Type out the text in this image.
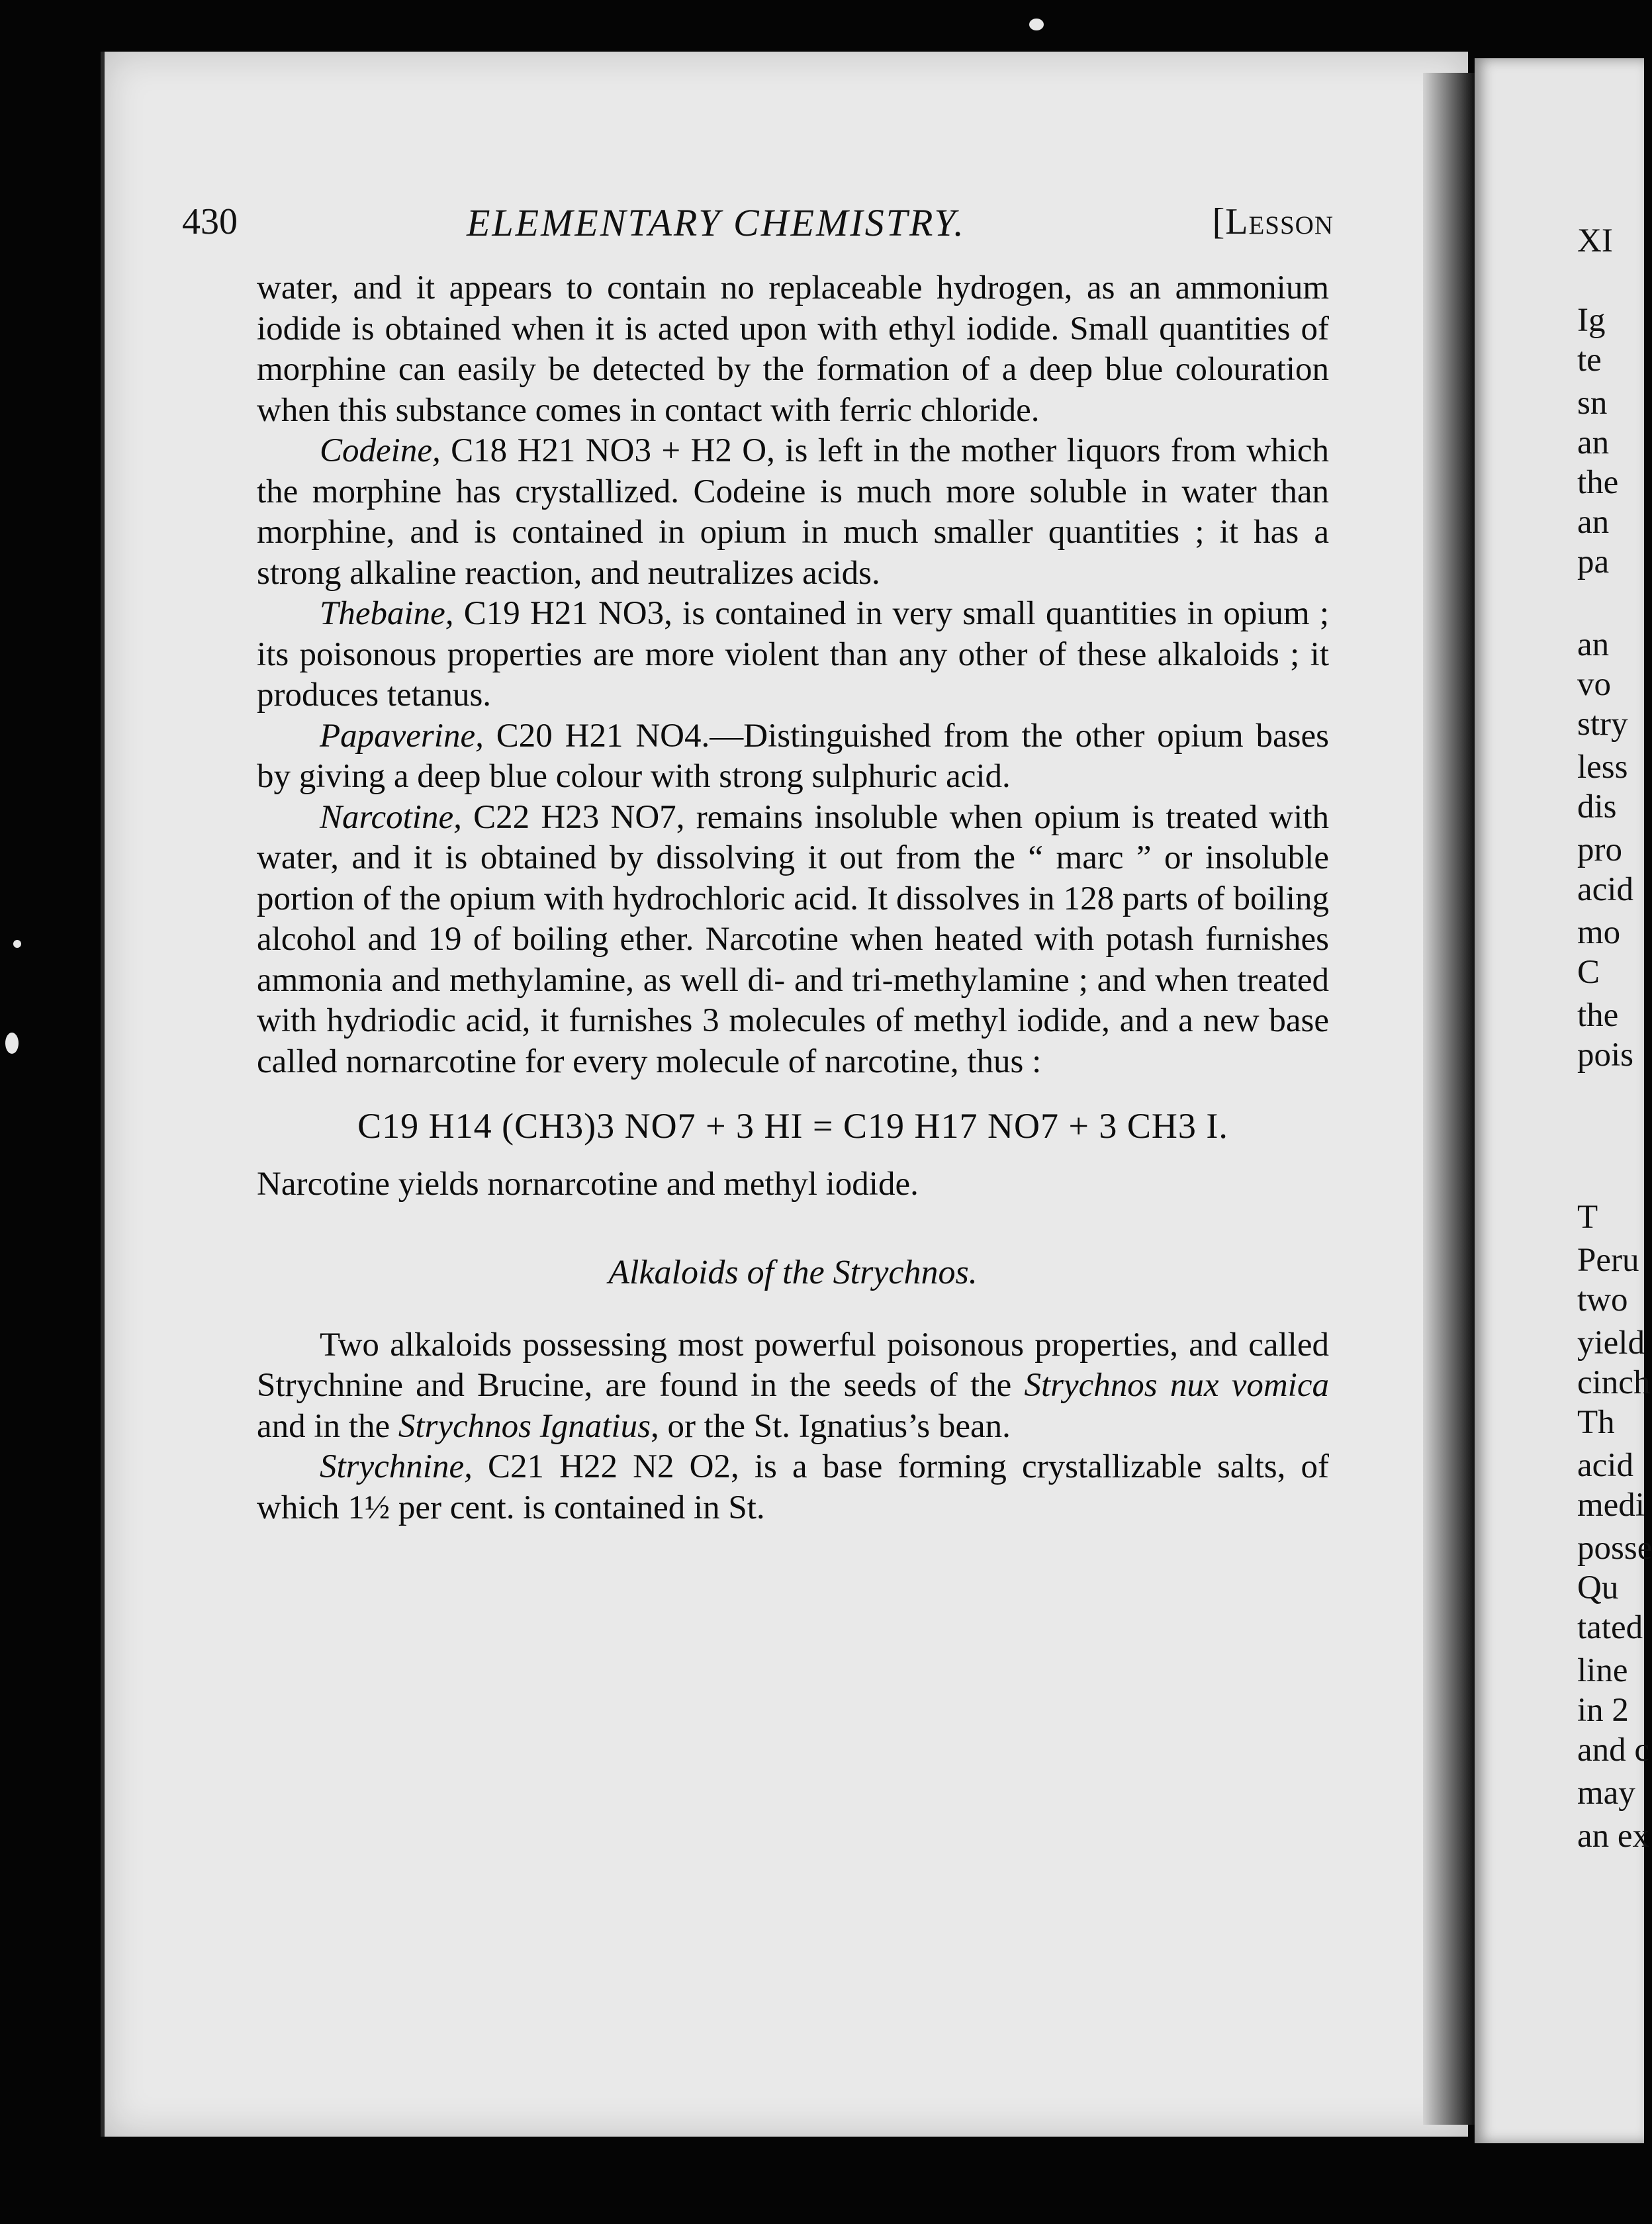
430	ELEMENTARY CHEMISTRY.	[Lesson

water, and it appears to contain no replaceable hydrogen, as an ammonium iodide is obtained when it is acted upon with ethyl iodide. Small quantities of morphine can easily be detected by the formation of a deep blue colouration when this substance comes in contact with ferric chloride.

Codeine, C18 H21 NO3 + H2 O, is left in the mother liquors from which the morphine has crystallized. Codeine is much more soluble in water than morphine, and is contained in opium in much smaller quantities ; it has a strong alkaline reaction, and neutralizes acids.

Thebaine, C19 H21 NO3, is contained in very small quantities in opium ; its poisonous properties are more violent than any other of these alkaloids ; it produces tetanus.

Papaverine, C20 H21 NO4.—Distinguished from the other opium bases by giving a deep blue colour with strong sulphuric acid.

Narcotine, C22 H23 NO7, remains insoluble when opium is treated with water, and it is obtained by dissolving it out from the “ marc ” or insoluble portion of the opium with hydrochloric acid. It dissolves in 128 parts of boiling alcohol and 19 of boiling ether. Narcotine when heated with potash furnishes ammonia and methylamine, as well di- and tri-methylamine ; and when treated with hydriodic acid, it furnishes 3 molecules of methyl iodide, and a new base called nornarcotine for every molecule of narcotine, thus :

C19 H14 (CH3)3 NO7 + 3 HI = C19 H17 NO7 + 3 CH3 I.

Narcotine yields nornarcotine and methyl iodide.

Alkaloids of the Strychnos.

Two alkaloids possessing most powerful poisonous properties, and called Strychnine and Brucine, are found in the seeds of the Strychnos nux vomica and in the Strychnos Ignatius, or the St. Ignatius’s bean.

Strychnine, C21 H22 N2 O2, is a base forming crystallizable salts, of which 1½ per cent. is contained in St.

XI
Ig
te
sn
an
the
an
pa
an
vo
stry
less
dis
pro
acid
mo
C
the
pois
T
Peru
two
yield
cinch
Th
acid
medi
posse
Qu
tated
line
in 2
and c
may
an ex
